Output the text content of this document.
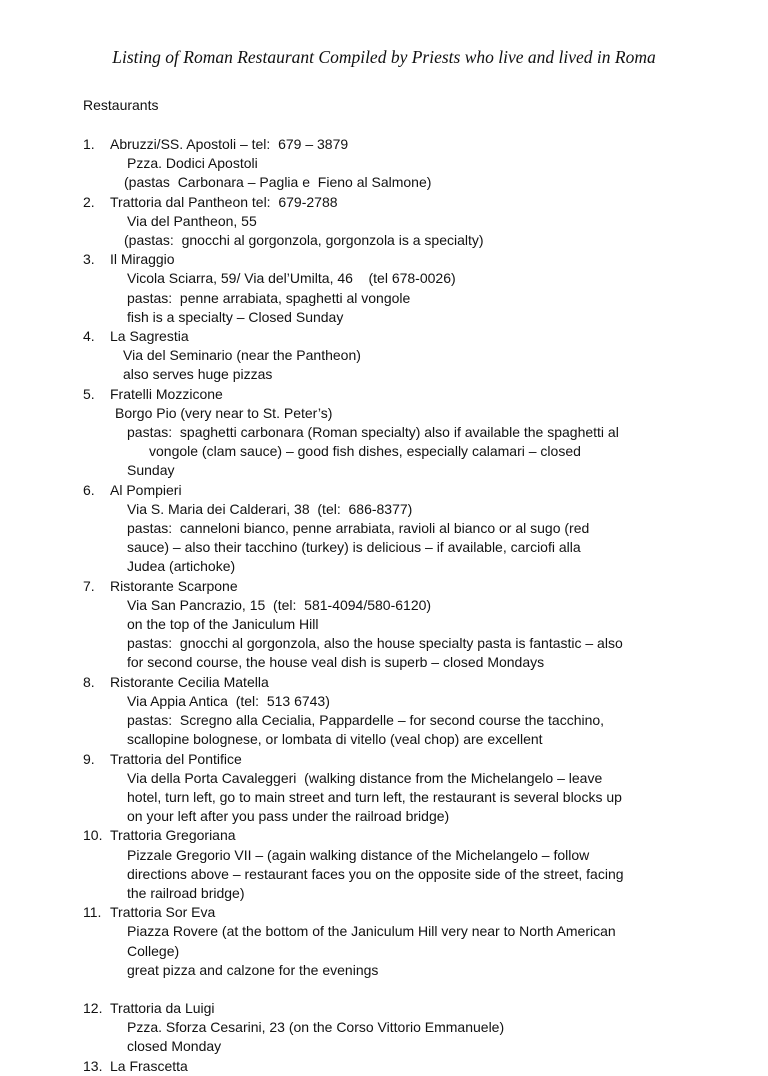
Listing of Roman Restaurant Compiled by Priests who live and lived in Roma
Restaurants
1. Abruzzi/SS. Apostoli – tel:  679 – 3879
Pzza. Dodici Apostoli
(pastas  Carbonara – Paglia e  Fieno al Salmone)
2. Trattoria dal Pantheon tel:  679-2788
Via del Pantheon, 55
(pastas:  gnocchi al gorgonzola, gorgonzola is a specialty)
3. Il Miraggio
Vicola Sciarra, 59/ Via del’Umilta, 46    (tel 678-0026)
pastas:  penne arrabiata, spaghetti al vongole
fish is a specialty – Closed Sunday
4. La Sagrestia
Via del Seminario (near the Pantheon)
also serves huge pizzas
5. Fratelli Mozzicone
Borgo Pio (very near to St. Peter’s)
pastas:  spaghetti carbonara (Roman specialty) also if available the spaghetti al
vongole (clam sauce) – good fish dishes, especially calamari – closed
Sunday
6. Al Pompieri
Via S. Maria dei Calderari, 38  (tel:  686-8377)
pastas:  canneloni bianco, penne arrabiata, ravioli al bianco or al sugo (red
sauce) – also their tacchino (turkey) is delicious – if available, carciofi alla
Judea (artichoke)
7. Ristorante Scarpone
Via San Pancrazio, 15  (tel:  581-4094/580-6120)
on the top of the Janiculum Hill
pastas:  gnocchi al gorgonzola, also the house specialty pasta is fantastic – also
for second course, the house veal dish is superb – closed Mondays
8. Ristorante Cecilia Matella
Via Appia Antica  (tel:  513 6743)
pastas:  Scregno alla Cecialia, Pappardelle – for second course the tacchino,
scallopine bolognese, or lombata di vitello (veal chop) are excellent
9. Trattoria del Pontifice
Via della Porta Cavaleggeri  (walking distance from the Michelangelo – leave
hotel, turn left, go to main street and turn left, the restaurant is several blocks up
on your left after you pass under the railroad bridge)
10. Trattoria Gregoriana
Pizzale Gregorio VII – (again walking distance of the Michelangelo – follow
directions above – restaurant faces you on the opposite side of the street, facing
the railroad bridge)
11. Trattoria Sor Eva
Piazza Rovere (at the bottom of the Janiculum Hill very near to North American
College)
great pizza and calzone for the evenings
12. Trattoria da Luigi
Pzza. Sforza Cesarini, 23 (on the Corso Vittorio Emmanuele)
closed Monday
13. La Frascetta
